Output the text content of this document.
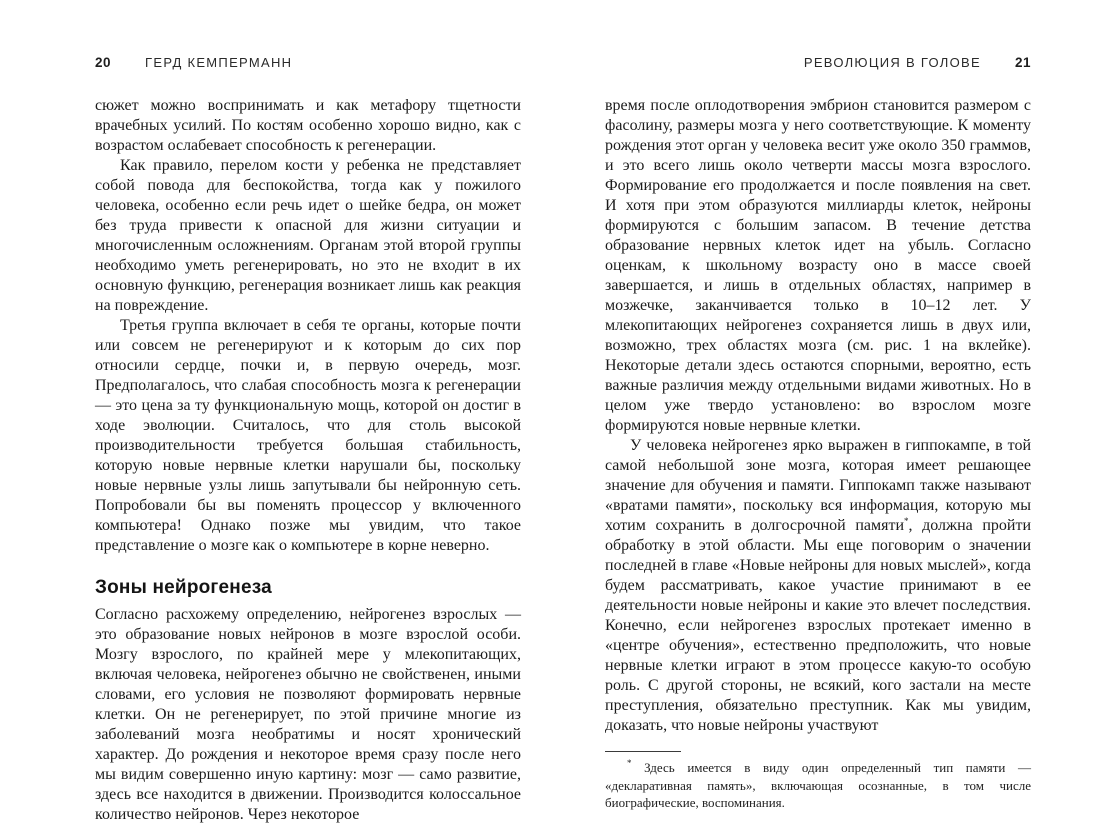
20	ГЕРД КЕМПЕРМАНН

сюжет можно воспринимать и как метафору тщетности врачебных усилий. По костям особенно хорошо видно, как с возрастом ослабевает способность к регенерации.

Как правило, перелом кости у ребенка не представляет собой повода для беспокойства, тогда как у пожилого человека, особенно если речь идет о шейке бедра, он может без труда привести к опасной для жизни ситуации и многочисленным осложнениям. Органам этой второй группы необходимо уметь регенерировать, но это не входит в их основную функцию, регенерация возникает лишь как реакция на повреждение.

Третья группа включает в себя те органы, которые почти или совсем не регенерируют и к которым до сих пор относили сердце, почки и, в первую очередь, мозг. Предполагалось, что слабая способность мозга к регенерации — это цена за ту функциональную мощь, которой он достиг в ходе эволюции. Считалось, что для столь высокой производительности требуется большая стабильность, которую новые нервные клетки нарушали бы, поскольку новые нервные узлы лишь запутывали бы нейронную сеть. Попробовали бы вы поменять процессор у включенного компьютера! Однако позже мы увидим, что такое представление о мозге как о компьютере в корне неверно.

Зоны нейрогенеза

Согласно расхожему определению, нейрогенез взрослых — это образование новых нейронов в мозге взрослой особи. Мозгу взрослого, по крайней мере у млекопитающих, включая человека, нейрогенез обычно не свойственен, иными словами, его условия не позволяют формировать нервные клетки. Он не регенерирует, по этой причине многие из заболеваний мозга необратимы и носят хронический характер. До рождения и некоторое время сразу после него мы видим совершенно иную картину: мозг — само развитие, здесь все находится в движении. Производится колоссальное количество нейронов. Через некоторое

РЕВОЛЮЦИЯ В ГОЛОВЕ	21

время после оплодотворения эмбрион становится размером с фасолину, размеры мозга у него соответствующие. К моменту рождения этот орган у человека весит уже около 350 граммов, и это всего лишь около четверти массы мозга взрослого. Формирование его продолжается и после появления на свет. И хотя при этом образуются миллиарды клеток, нейроны формируются с большим запасом. В течение детства образование нервных клеток идет на убыль. Согласно оценкам, к школьному возрасту оно в массе своей завершается, и лишь в отдельных областях, например в мозжечке, заканчивается только в 10–12 лет. У млекопитающих нейрогенез сохраняется лишь в двух или, возможно, трех областях мозга (см. рис. 1 на вклейке). Некоторые детали здесь остаются спорными, вероятно, есть важные различия между отдельными видами животных. Но в целом уже твердо установлено: во взрослом мозге формируются новые нервные клетки.

У человека нейрогенез ярко выражен в гиппокампе, в той самой небольшой зоне мозга, которая имеет решающее значение для обучения и памяти. Гиппокамп также называют «вратами памяти», поскольку вся информация, которую мы хотим сохранить в долгосрочной памяти*, должна пройти обработку в этой области. Мы еще поговорим о значении последней в главе «Новые нейроны для новых мыслей», когда будем рассматривать, какое участие принимают в ее деятельности новые нейроны и какие это влечет последствия. Конечно, если нейрогенез взрослых протекает именно в «центре обучения», естественно предположить, что новые нервные клетки играют в этом процессе какую-то особую роль. С другой стороны, не всякий, кого застали на месте преступления, обязательно преступник. Как мы увидим, доказать, что новые нейроны участвуют

* Здесь имеется в виду один определенный тип памяти — «декларативная память», включающая осознанные, в том числе биографические, воспоминания.
